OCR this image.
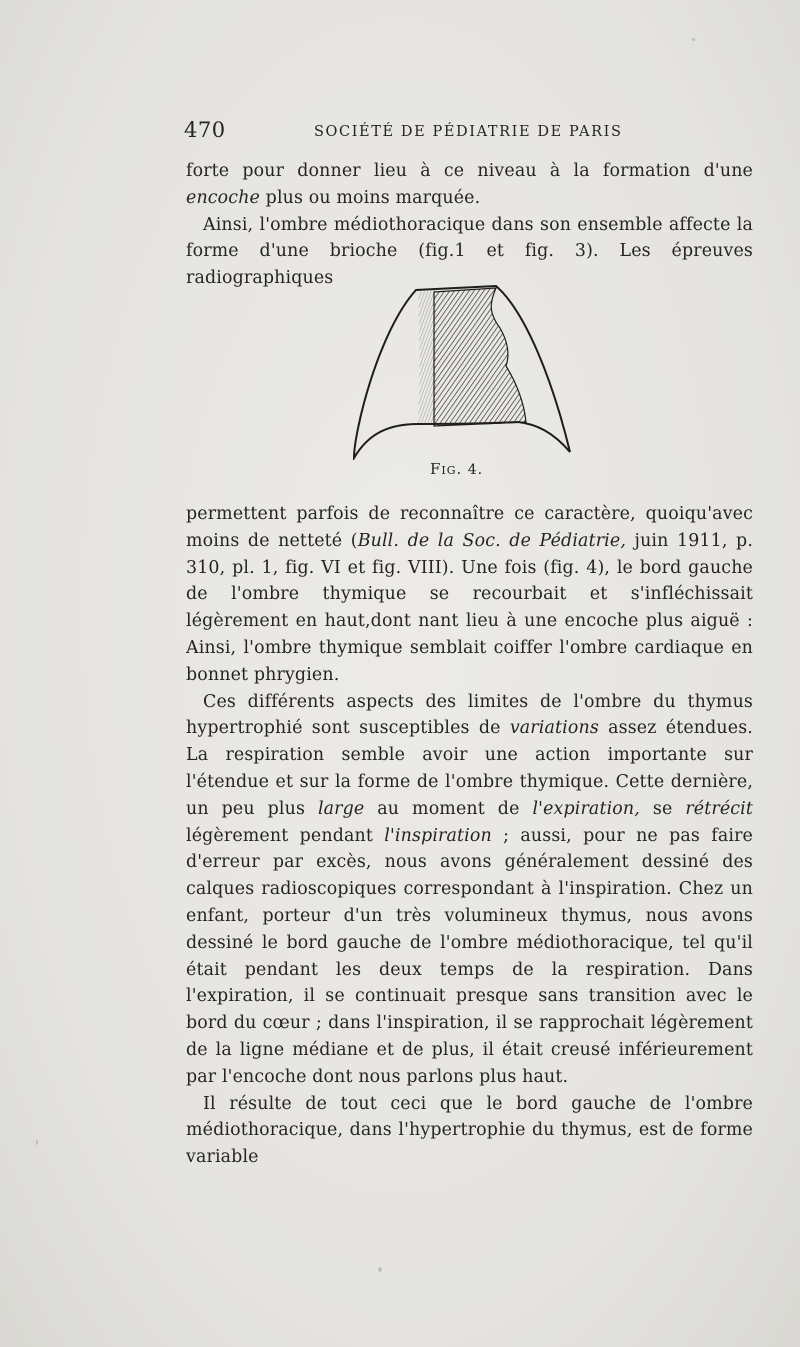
470	SOCIÉTÉ DE PÉDIATRIE DE PARIS

forte pour donner lieu à ce niveau à la formation d'une encoche plus ou moins marquée.

Ainsi, l'ombre médiothoracique dans son ensemble affecte la forme d'une brioche (fig.1 et fig. 3). Les épreuves radiographiques

Fig. 4.

permettent parfois de reconnaître ce caractère, quoiqu'avec moins de netteté (Bull. de la Soc. de Pédiatrie, juin 1911, p. 310, pl. 1, fig. VI et fig. VIII). Une fois (fig. 4), le bord gauche de l'ombre thymique se recourbait et s'infléchissait légèrement en haut,dont nant lieu à une encoche plus aiguë : Ainsi, l'ombre thymique semblait coiffer l'ombre cardiaque en bonnet phrygien.

Ces différents aspects des limites de l'ombre du thymus hypertrophié sont susceptibles de variations assez étendues. La respiration semble avoir une action importante sur l'étendue et sur la forme de l'ombre thymique. Cette dernière, un peu plus large au moment de l'expiration, se rétrécit légèrement pendant l'inspiration ; aussi, pour ne pas faire d'erreur par excès, nous avons généralement dessiné des calques radioscopiques correspondant à l'inspiration. Chez un enfant, porteur d'un très volumineux thymus, nous avons dessiné le bord gauche de l'ombre médiothoracique, tel qu'il était pendant les deux temps de la respiration. Dans l'expiration, il se continuait presque sans transition avec le bord du cœur ; dans l'inspiration, il se rapprochait légèrement de la ligne médiane et de plus, il était creusé inférieurement par l'encoche dont nous parlons plus haut.

Il résulte de tout ceci que le bord gauche de l'ombre médiothoracique, dans l'hypertrophie du thymus, est de forme variable
